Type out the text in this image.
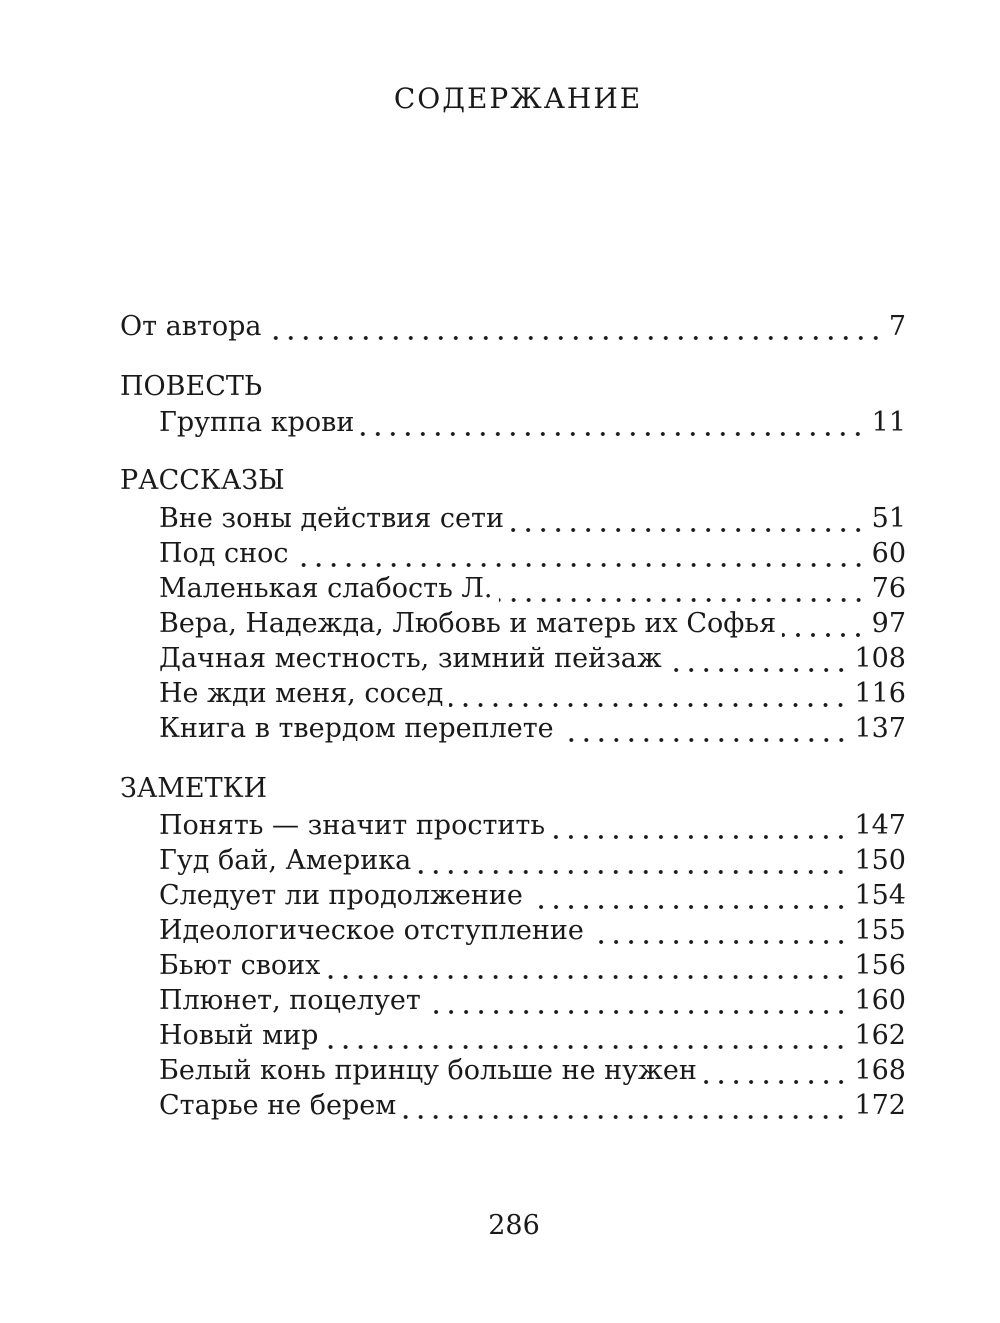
СОДЕРЖАНИЕ
От автора	7
ПОВЕСТЬ
Группа крови	11
РАССКАЗЫ
Вне зоны действия сети	51
Под снос	60
Маленькая слабость Л.	76
Вера, Надежда, Любовь и матерь их Софья	97
Дачная местность, зимний пейзаж	108
Не жди меня, сосед	116
Книга в твердом переплете	137
ЗАМЕТКИ
Понять — значит простить	147
Гуд бай, Америка	150
Следует ли продолжение	154
Идеологическое отступление	155
Бьют своих	156
Плюнет, поцелует	160
Новый мир	162
Белый конь принцу больше не нужен	168
Старье не берем	172
286
